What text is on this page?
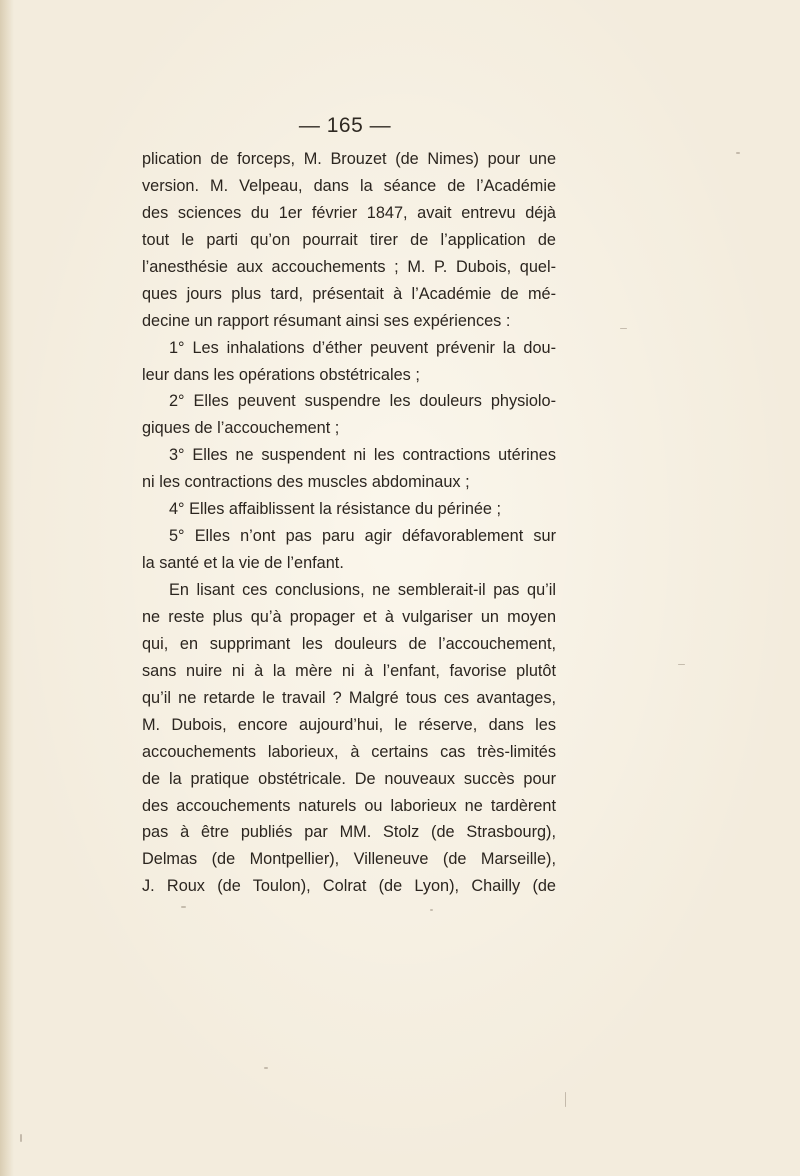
— 165 —
plication de forceps, M. Brouzet (de Nimes) pour une
version. M. Velpeau, dans la séance de l’Académie
des sciences du 1er février 1847, avait entrevu déjà
tout le parti qu’on pourrait tirer de l’application de
l’anesthésie aux accouchements ; M. P. Dubois, quel-
ques jours plus tard, présentait à l’Académie de mé-
decine un rapport résumant ainsi ses expériences :
1° Les inhalations d’éther peuvent prévenir la dou-
leur dans les opérations obstétricales ;
2° Elles peuvent suspendre les douleurs physiolo-
giques de l’accouchement ;
3° Elles ne suspendent ni les contractions utérines
ni les contractions des muscles abdominaux ;
4° Elles affaiblissent la résistance du périnée ;
5° Elles n’ont pas paru agir défavorablement sur
la santé et la vie de l’enfant.
En lisant ces conclusions, ne semblerait-il pas qu’il
ne reste plus qu’à propager et à vulgariser un moyen
qui, en supprimant les douleurs de l’accouchement,
sans nuire ni à la mère ni à l’enfant, favorise plutôt
qu’il ne retarde le travail ? Malgré tous ces avantages,
M. Dubois, encore aujourd’hui, le réserve, dans les
accouchements laborieux, à certains cas très-limités
de la pratique obstétricale. De nouveaux succès pour
des accouchements naturels ou laborieux ne tardèrent
pas à être publiés par MM. Stolz (de Strasbourg),
Delmas (de Montpellier), Villeneuve (de Marseille),
J. Roux (de Toulon), Colrat (de Lyon), Chailly (de
